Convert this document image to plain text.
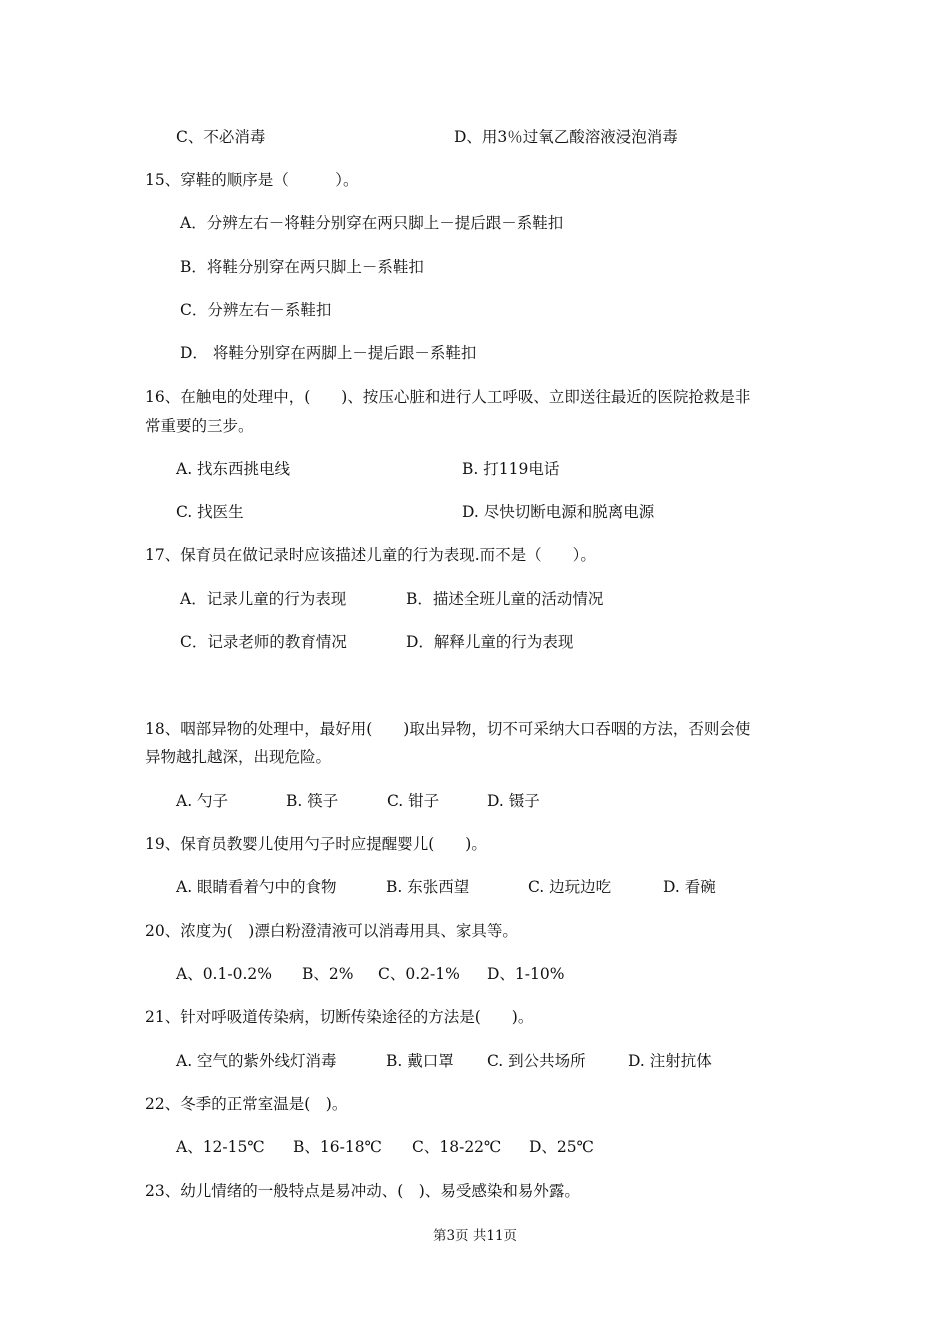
C、不必消毒	D、用3％过氧乙酸溶液浸泡消毒
15、穿鞋的顺序是（　　　）。
A．分辨左右－将鞋分别穿在两只脚上－提后跟－系鞋扣
B．将鞋分别穿在两只脚上－系鞋扣
C．分辨左右－系鞋扣
D． 将鞋分别穿在两脚上－提后跟－系鞋扣
16、在触电的处理中，(　　)、按压心脏和进行人工呼吸、立即送往最近的医院抢救是非
常重要的三步。
A. 找东西挑电线	B. 打119电话
C. 找医生	D. 尽快切断电源和脱离电源
17、保育员在做记录时应该描述儿童的行为表现.而不是（　　）。
A．记录儿童的行为表现	B．描述全班儿童的活动情况
C．记录老师的教育情况	D．解释儿童的行为表现
18、咽部异物的处理中，最好用(　　)取出异物，切不可采纳大口吞咽的方法，否则会使
异物越扎越深，出现危险。
A. 勺子	B. 筷子	C. 钳子	D. 镊子
19、保育员教婴儿使用勺子时应提醒婴儿(　　)。
A. 眼睛看着勺中的食物	B. 东张西望	C. 边玩边吃	D. 看碗
20、浓度为(　)漂白粉澄清液可以消毒用具、家具等。
A、0.1-0.2% B、2% C、0.2-1% D、1-10%
21、针对呼吸道传染病，切断传染途径的方法是(　　)。
A. 空气的紫外线灯消毒	B. 戴口罩 C. 到公共场所	D. 注射抗体
22、冬季的正常室温是(　)。
A、12-15℃ B、16-18℃ C、18-22℃ D、25℃
23、幼儿情绪的一般特点是易冲动、(　)、易受感染和易外露。
第3页 共11页
